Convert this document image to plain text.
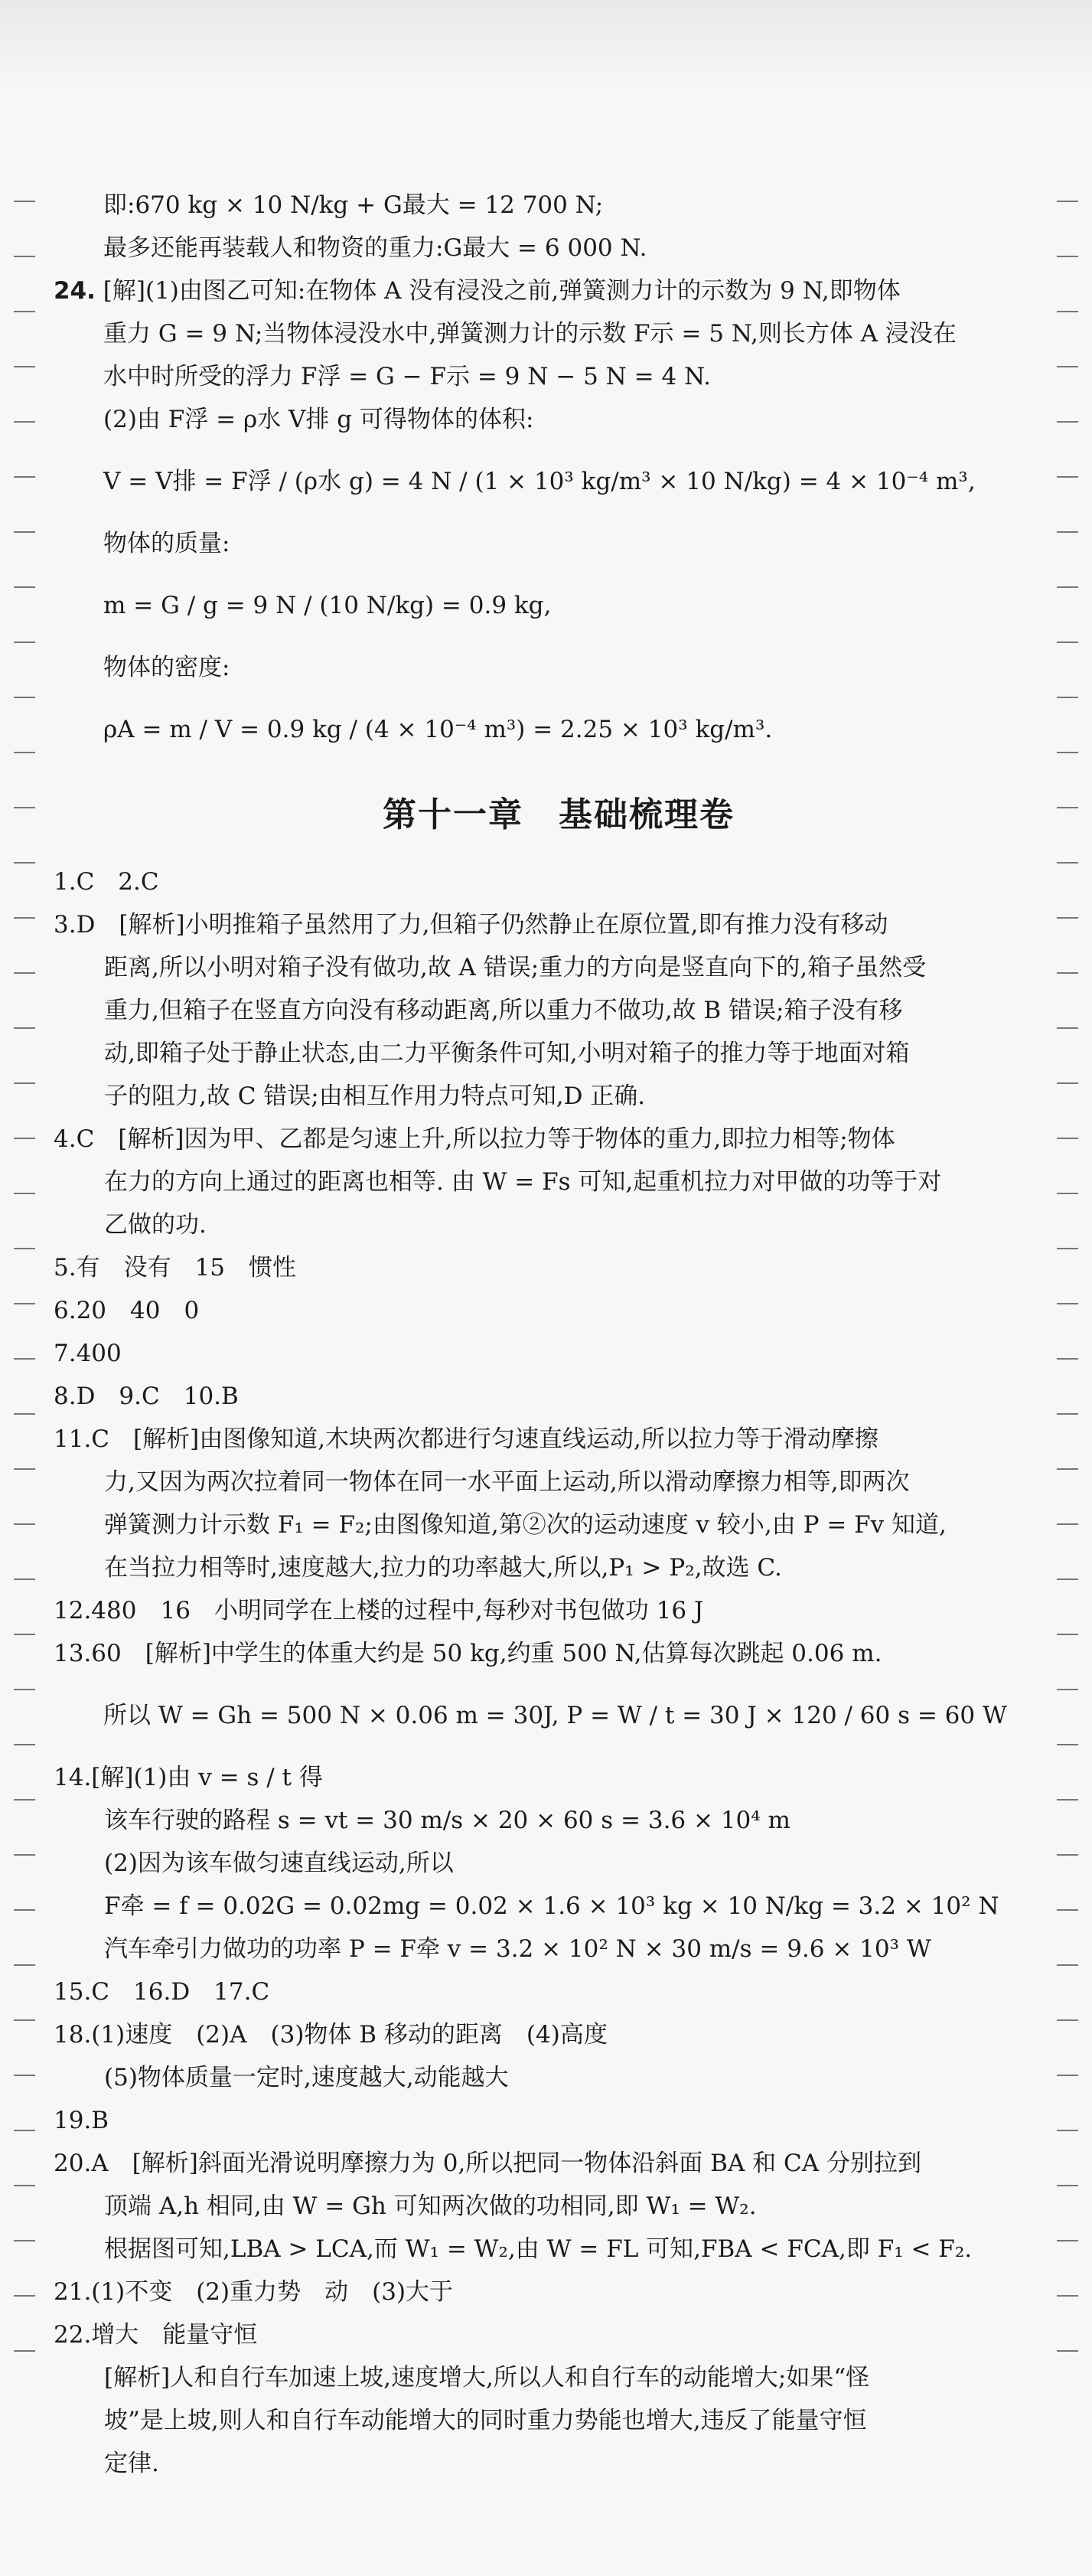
即:670 kg × 10 N/kg + G最大 = 12 700 N;
最多还能再装载人和物资的重力:G最大 = 6 000 N.
24. [解](1)由图乙可知:在物体 A 没有浸没之前,弹簧测力计的示数为 9 N,即物体
重力 G = 9 N;当物体浸没水中,弹簧测力计的示数 F示 = 5 N,则长方体 A 浸没在
水中时所受的浮力 F浮 = G − F示 = 9 N − 5 N = 4 N.
(2)由 F浮 = ρ水 V排 g 可得物体的体积:
V = V排 = F浮 / (ρ水 g) = 4 N / (1 × 10³ kg/m³ × 10 N/kg) = 4 × 10⁻⁴ m³,
物体的质量:
m = G / g = 9 N / (10 N/kg) = 0.9 kg,
物体的密度:
ρA = m / V = 0.9 kg / (4 × 10⁻⁴ m³) = 2.25 × 10³ kg/m³.
第十一章　基础梳理卷
1.C　2.C
3.D　[解析]小明推箱子虽然用了力,但箱子仍然静止在原位置,即有推力没有移动
距离,所以小明对箱子没有做功,故 A 错误;重力的方向是竖直向下的,箱子虽然受
重力,但箱子在竖直方向没有移动距离,所以重力不做功,故 B 错误;箱子没有移
动,即箱子处于静止状态,由二力平衡条件可知,小明对箱子的推力等于地面对箱
子的阻力,故 C 错误;由相互作用力特点可知,D 正确.
4.C　[解析]因为甲、乙都是匀速上升,所以拉力等于物体的重力,即拉力相等;物体
在力的方向上通过的距离也相等. 由 W = Fs 可知,起重机拉力对甲做的功等于对
乙做的功.
5.有　没有　15　惯性
6.20　40　0
7.400
8.D　9.C　10.B
11.C　[解析]由图像知道,木块两次都进行匀速直线运动,所以拉力等于滑动摩擦
力,又因为两次拉着同一物体在同一水平面上运动,所以滑动摩擦力相等,即两次
弹簧测力计示数 F₁ = F₂;由图像知道,第②次的运动速度 v 较小,由 P = Fv 知道,
在当拉力相等时,速度越大,拉力的功率越大,所以,P₁ > P₂,故选 C.
12.480　16　小明同学在上楼的过程中,每秒对书包做功 16 J
13.60　[解析]中学生的体重大约是 50 kg,约重 500 N,估算每次跳起 0.06 m.
所以 W = Gh = 500 N × 0.06 m = 30J, P = W / t = 30 J × 120 / 60 s = 60 W
14.[解](1)由 v = s / t 得
该车行驶的路程 s = vt = 30 m/s × 20 × 60 s = 3.6 × 10⁴ m
(2)因为该车做匀速直线运动,所以
F牵 = f = 0.02G = 0.02mg = 0.02 × 1.6 × 10³ kg × 10 N/kg = 3.2 × 10² N
汽车牵引力做功的功率 P = F牵 v = 3.2 × 10² N × 30 m/s = 9.6 × 10³ W
15.C　16.D　17.C
18.(1)速度　(2)A　(3)物体 B 移动的距离　(4)高度
(5)物体质量一定时,速度越大,动能越大
19.B
20.A　[解析]斜面光滑说明摩擦力为 0,所以把同一物体沿斜面 BA 和 CA 分别拉到
顶端 A,h 相同,由 W = Gh 可知两次做的功相同,即 W₁ = W₂.
根据图可知,LBA > LCA,而 W₁ = W₂,由 W = FL 可知,FBA < FCA,即 F₁ < F₂.
21.(1)不变　(2)重力势　动　(3)大于
22.增大　能量守恒
[解析]人和自行车加速上坡,速度增大,所以人和自行车的动能增大;如果“怪
坡”是上坡,则人和自行车动能增大的同时重力势能也增大,违反了能量守恒
定律.
